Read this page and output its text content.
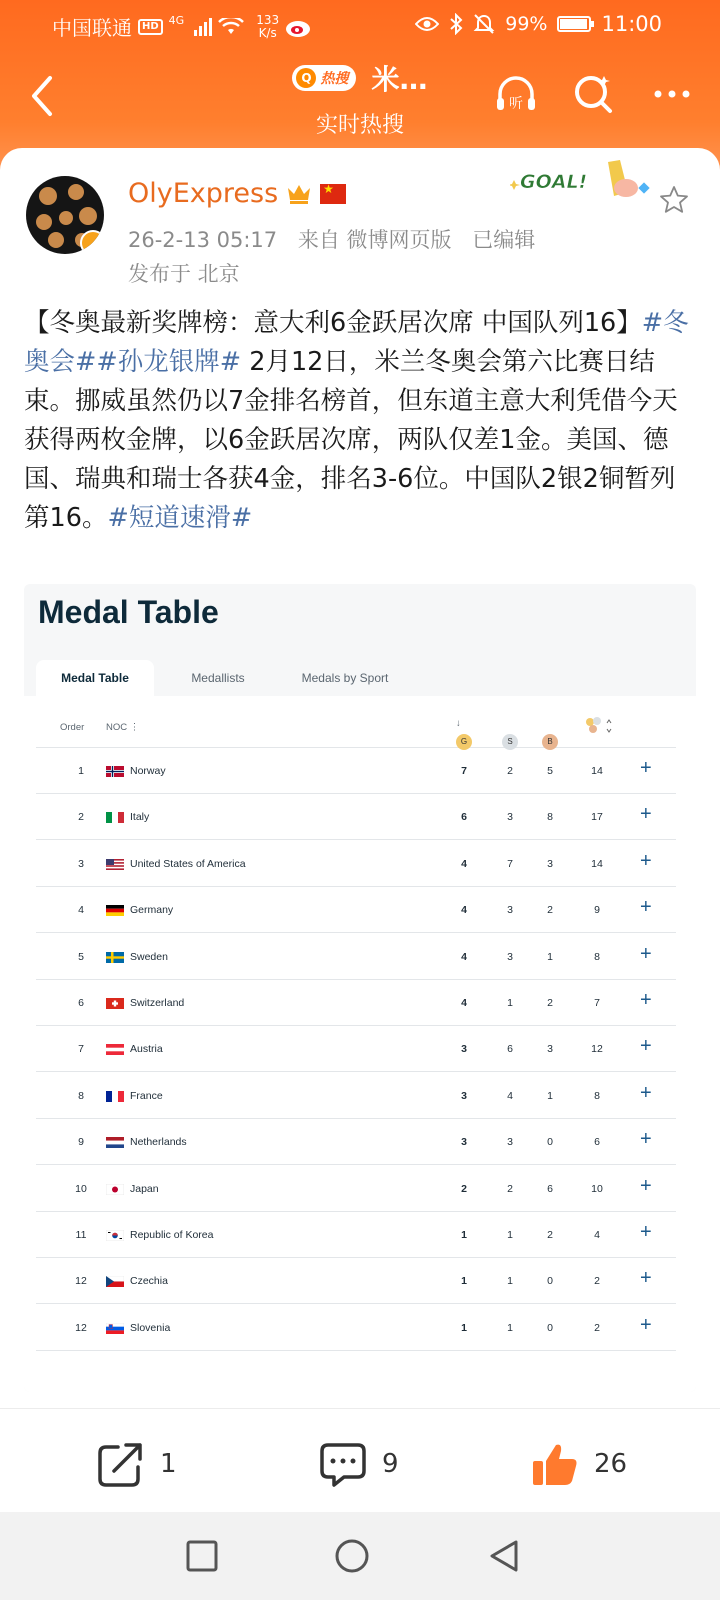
中国联通	HD 4G	133
K/s	99%	11:00
Q 热搜 米…
实时热搜
听
OlyExpress
★
26-2-13 05:17 来自 微博网页版 已编辑
发布于 北京
GOAL!
【冬奥最新奖牌榜：意大利6金跃居次席 中国队列16】#冬奥会##孙龙银牌# 2月12日，米兰冬奥会第六比赛日结束。挪威虽然仍以7金排名榜首，但东道主意大利凭借今天获得两枚金牌，以6金跃居次席，两队仅差1金。美国、德国、瑞典和瑞士各获4金，排名3-6位。中国队2银2铜暂列第16。#短道速滑#
Medal Table
Medal Table	Medallists	Medals by Sport
Order NOC ⋮
G
↓
S	B
1	Norway	7	2	5	14	+
2	Italy	6	3	8	17	+
3	United States of America	4	7	3	14	+
4	Germany	4	3	2	9	+
5	Sweden	4	3	1	8	+
6	Switzerland	4	1	2	7	+
7	Austria	3	6	3	12	+
8	France	3	4	1	8	+
9	Netherlands	3	3	0	6	+
10	Japan	2	2	6	10	+
11	Republic of Korea	1	1	2	4	+
12	Czechia	1	1	0	2	+
12	Slovenia	1	1	0	2	+
1	9	26
